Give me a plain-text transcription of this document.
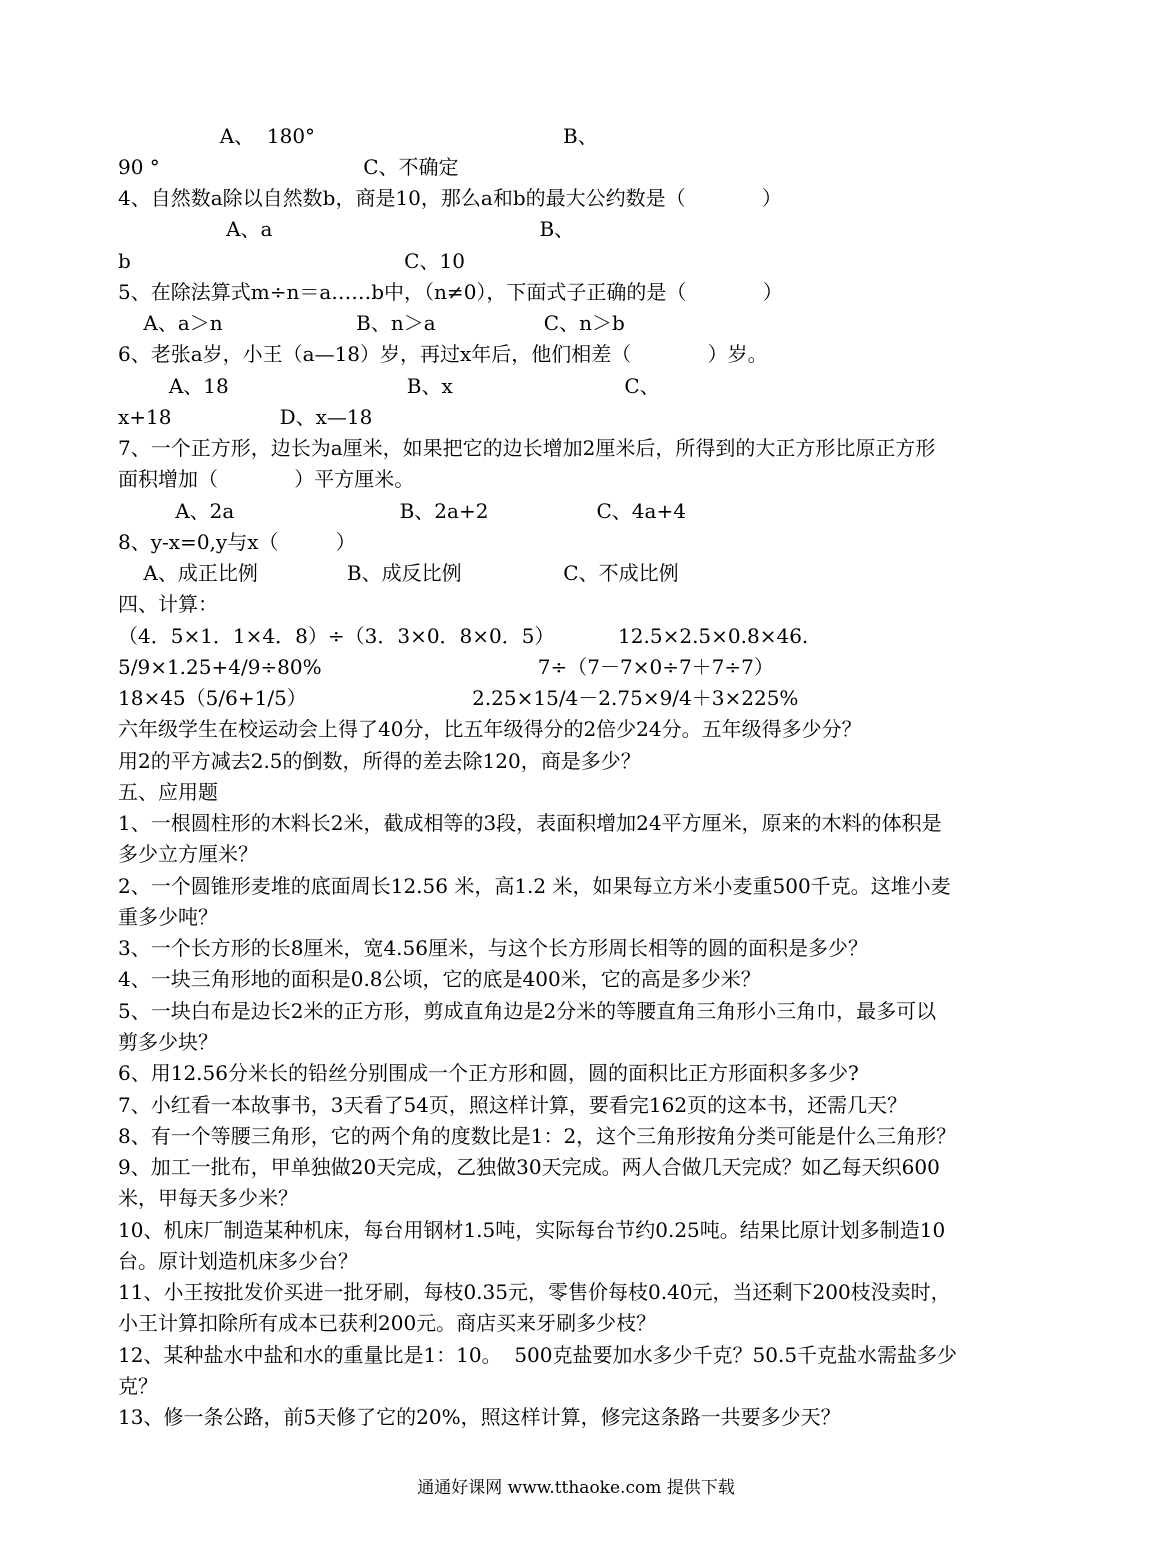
A、  180°                                       B、
90 °                                C、不确定
4、自然数a除以自然数b，商是10，那么a和b的最大公约数是（            ）
A、a                                          B、
b                                           C、10
5、在除法算式m÷n＝a……b中，（n≠0），下面式子正确的是（            ）
A、a＞n                     B、n＞a                 C、n＞b
6、老张a岁，小王（a—18）岁，再过x年后，他们相差（            ）岁。
A、18                            B、x                           C、
x+18                 D、x—18
7、一个正方形，边长为a厘米，如果把它的边长增加2厘米后，所得到的大正方形比原正方形
面积增加（            ）平方厘米。
A、2a                          B、2a+2                 C、4a+4
8、y-x=0,y与x（         ）
A、成正比例              B、成反比例                C、不成比例
四、计算：
（4．5×1．1×4．8）÷（3．3×0．8×0．5）          12.5×2.5×0.8×46.
5/9×1.25+4/9÷80%                                  7÷（7－7×0÷7＋7÷7）
18×45（5/6+1/5）                          2.25×15/4－2.75×9/4＋3×225%
六年级学生在校运动会上得了40分，比五年级得分的2倍少24分。五年级得多少分？
用2的平方减去2.5的倒数，所得的差去除120，商是多少？
五、应用题
1、一根圆柱形的木料长2米，截成相等的3段，表面积增加24平方厘米，原来的木料的体积是
多少立方厘米？
2、一个圆锥形麦堆的底面周长12.56 米，高1.2 米，如果每立方米小麦重500千克。这堆小麦
重多少吨？
3、一个长方形的长8厘米，宽4.56厘米，与这个长方形周长相等的圆的面积是多少？
4、一块三角形地的面积是0.8公顷，它的底是400米，它的高是多少米？
5、一块白布是边长2米的正方形，剪成直角边是2分米的等腰直角三角形小三角巾，最多可以
剪多少块？
6、用12.56分米长的铅丝分别围成一个正方形和圆，圆的面积比正方形面积多多少?
7、小红看一本故事书，3天看了54页，照这样计算，要看完162页的这本书，还需几天？
8、有一个等腰三角形，它的两个角的度数比是1：2，这个三角形按角分类可能是什么三角形？
9、加工一批布，甲单独做20天完成，乙独做30天完成。两人合做几天完成？如乙每天织600
米，甲每天多少米？
10、机床厂制造某种机床，每台用钢材1.5吨，实际每台节约0.25吨。结果比原计划多制造10
台。原计划造机床多少台？
11、小王按批发价买进一批牙刷，每枝0.35元，零售价每枝0.40元，当还剩下200枝没卖时，
小王计算扣除所有成本已获利200元。商店买来牙刷多少枝？
12、某种盐水中盐和水的重量比是1：10。  500克盐要加水多少千克？50.5千克盐水需盐多少
克？
13、修一条公路，前5天修了它的20%，照这样计算，修完这条路一共要多少天？
通通好课网 www.tthaoke.com 提供下载
